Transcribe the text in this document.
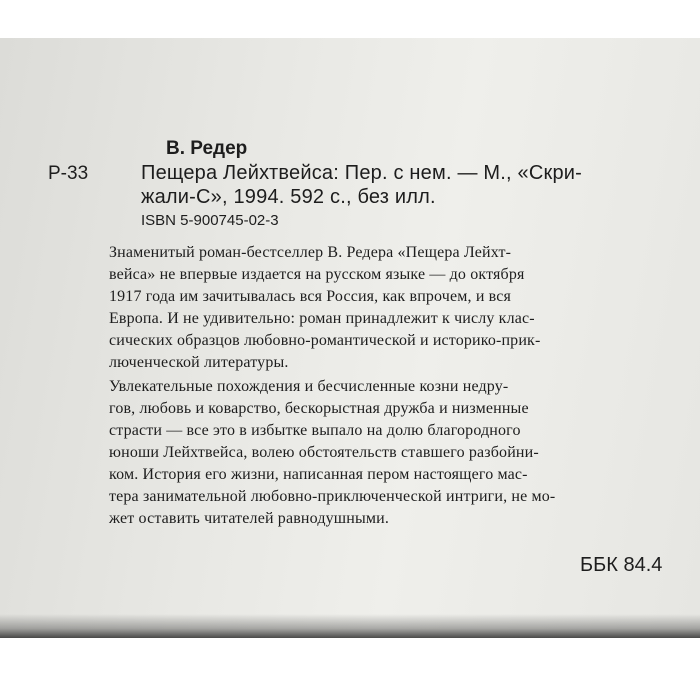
В. Редер
Р-33	Пещера Лейхтвейса: Пер. с нем. — М., «Скри-
жали-С», 1994. 592 с., без илл.
ISBN 5-900745-02-3
Знаменитый роман-бестселлер В. Редера «Пещера Лейхт-
вейса» не впервые издается на русском языке — до октября
1917 года им зачитывалась вся Россия, как впрочем, и вся
Европа. И не удивительно: роман принадлежит к числу клас-
сических образцов любовно-романтической и историко-прик-
люченческой литературы.
Увлекательные похождения и бесчисленные козни недру-
гов, любовь и коварство, бескорыстная дружба и низменные
страсти — все это в избытке выпало на долю благородного
юноши Лейхтвейса, волею обстоятельств ставшего разбойни-
ком. История его жизни, написанная пером настоящего мас-
тера занимательной любовно-приключенческой интриги, не мо-
жет оставить читателей равнодушными.
ББК 84.4
